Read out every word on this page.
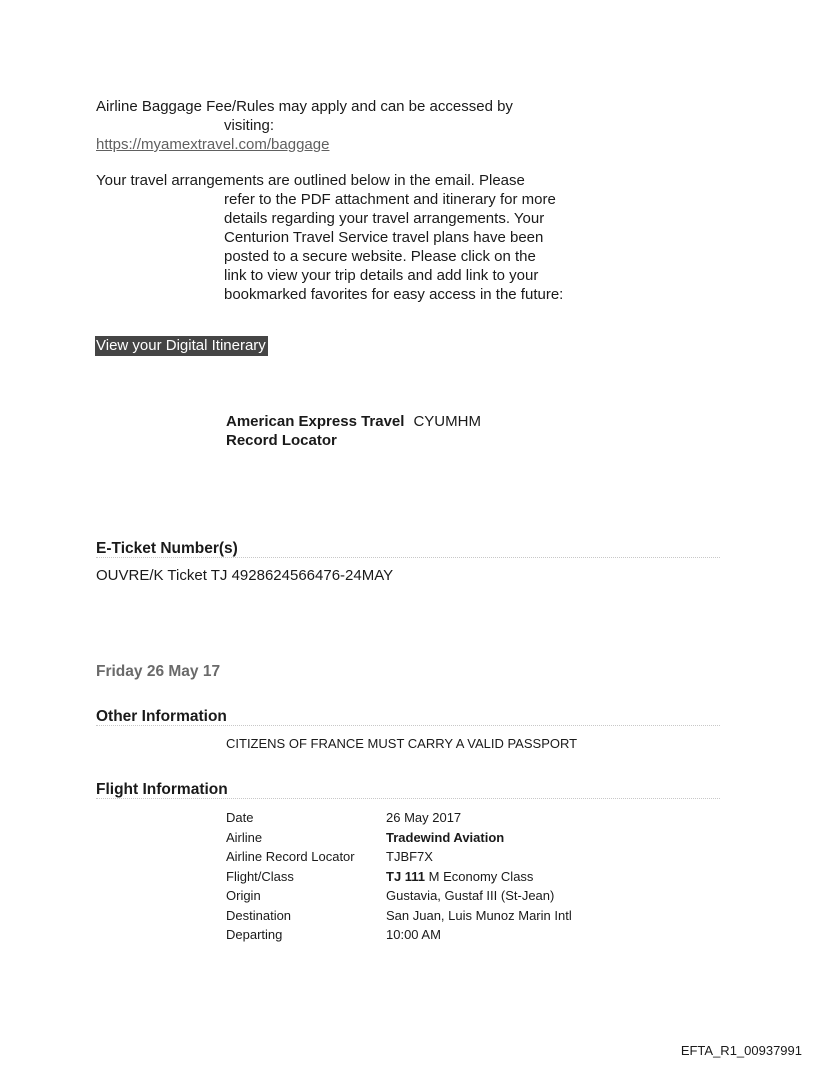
Airline Baggage Fee/Rules may apply and can be accessed by
visiting:
https://myamextravel.com/baggage
Your travel arrangements are outlined below in the email. Please
refer to the PDF attachment and itinerary for more
details regarding your travel arrangements. Your
Centurion Travel Service travel plans have been
posted to a secure website. Please click on the
link to view your trip details and add link to your
bookmarked favorites for easy access in the future:
View your Digital Itinerary
American Express Travel CYUMHM
Record Locator
E-Ticket Number(s)
OUVRE/K Ticket TJ 4928624566476-24MAY
Friday 26 May 17
Other Information
CITIZENS OF FRANCE MUST CARRY A VALID PASSPORT
Flight Information
Date	26 May 2017
Airline	Tradewind Aviation
Airline Record Locator	TJBF7X
Flight/Class	TJ 111 M Economy Class
Origin	Gustavia, Gustaf III (St-Jean)
Destination	San Juan, Luis Munoz Marin Intl
Departing	10:00 AM
EFTA_R1_00937991
